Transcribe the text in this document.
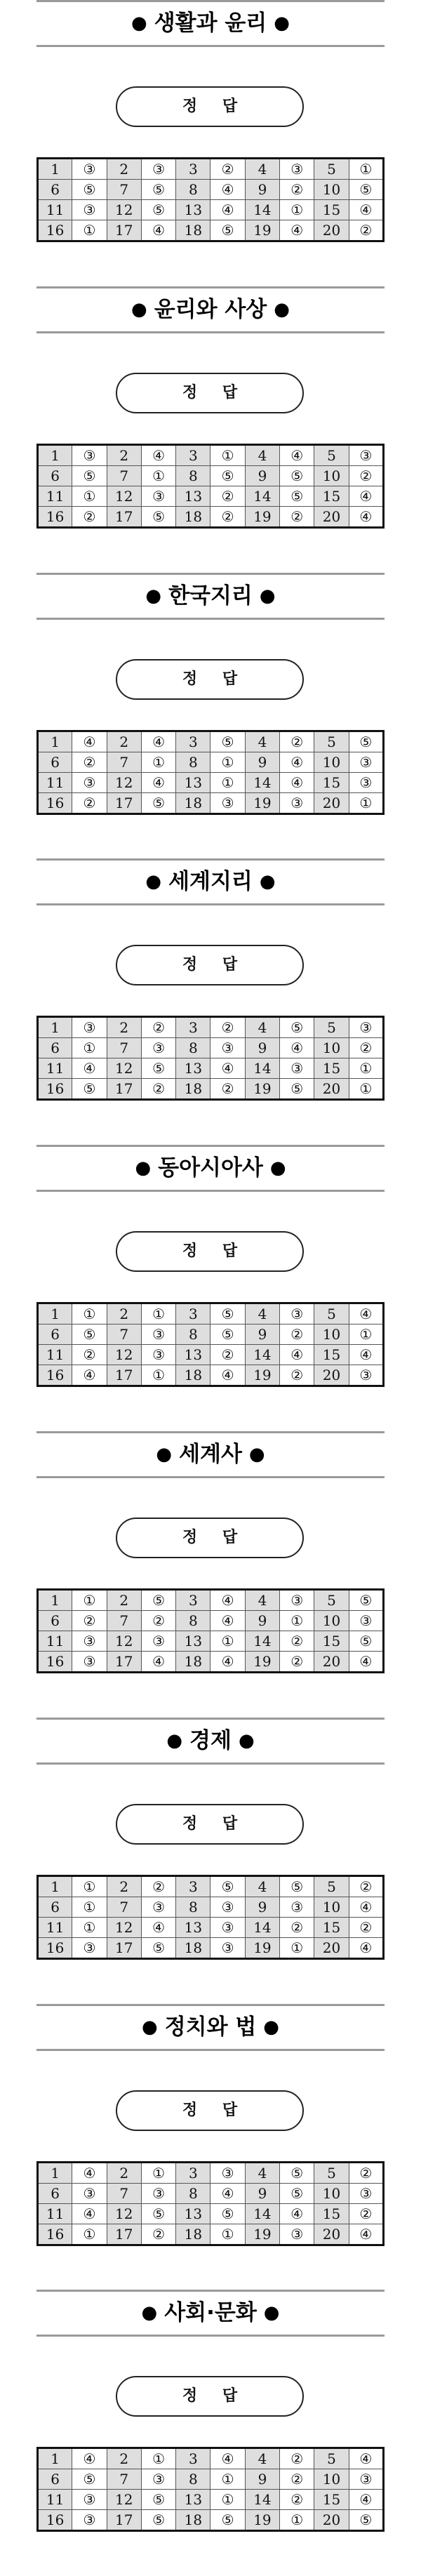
● 생활과 윤리 ●
정 답
1	③	2	③	3	②	4	③	5	①
6	⑤	7	⑤	8	④	9	②	10	⑤
11	③	12	⑤	13	④	14	①	15	④
16	①	17	④	18	⑤	19	④	20	②
● 윤리와 사상 ●
정 답
1	③	2	④	3	①	4	④	5	③
6	⑤	7	①	8	⑤	9	⑤	10	②
11	①	12	③	13	②	14	⑤	15	④
16	②	17	⑤	18	②	19	②	20	④
● 한국지리 ●
정 답
1	④	2	④	3	⑤	4	②	5	⑤
6	②	7	①	8	①	9	④	10	③
11	③	12	④	13	①	14	④	15	③
16	②	17	⑤	18	③	19	③	20	①
● 세계지리 ●
정 답
1	③	2	②	3	②	4	⑤	5	③
6	①	7	③	8	③	9	④	10	②
11	④	12	⑤	13	④	14	③	15	①
16	⑤	17	②	18	②	19	⑤	20	①
● 동아시아사 ●
정 답
1	①	2	①	3	⑤	4	③	5	④
6	⑤	7	③	8	⑤	9	②	10	①
11	②	12	③	13	②	14	④	15	④
16	④	17	①	18	④	19	②	20	③
● 세계사 ●
정 답
1	①	2	⑤	3	④	4	③	5	⑤
6	②	7	②	8	④	9	①	10	③
11	③	12	③	13	①	14	②	15	⑤
16	③	17	④	18	④	19	②	20	④
● 경제 ●
정 답
1	①	2	②	3	⑤	4	⑤	5	②
6	①	7	③	8	③	9	③	10	④
11	①	12	④	13	③	14	②	15	②
16	③	17	⑤	18	③	19	①	20	④
● 정치와 법 ●
정 답
1	④	2	①	3	③	4	⑤	5	②
6	③	7	③	8	④	9	⑤	10	③
11	④	12	⑤	13	⑤	14	④	15	②
16	①	17	②	18	①	19	③	20	④
● 사회·문화 ●
정 답
1	④	2	①	3	④	4	②	5	④
6	⑤	7	③	8	①	9	②	10	③
11	③	12	⑤	13	①	14	②	15	④
16	③	17	⑤	18	⑤	19	①	20	⑤
